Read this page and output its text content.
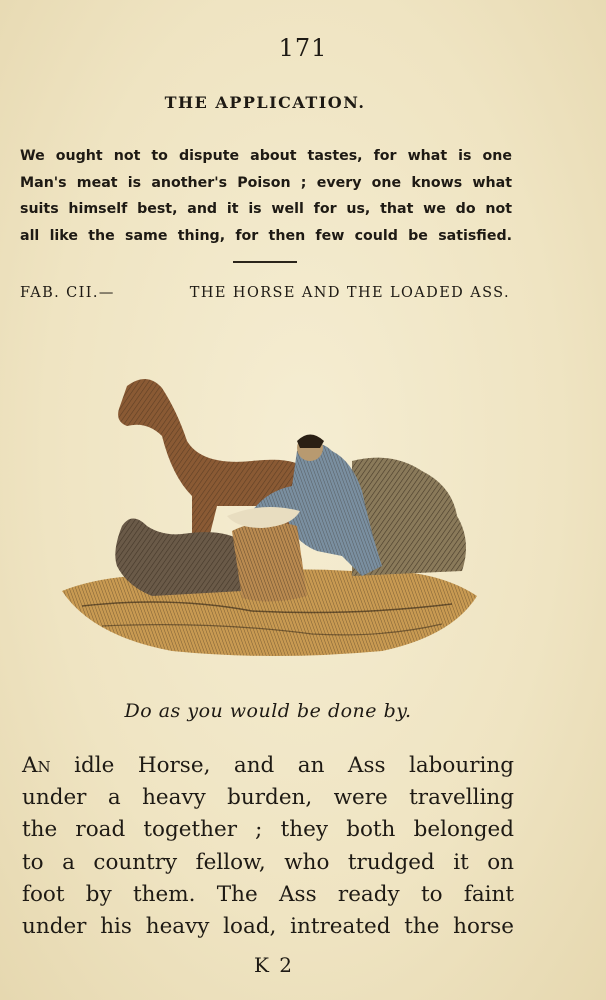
171
THE APPLICATION.
We ought not to dispute about tastes, for what is one
Man's meat is another's Poison ; every one knows what
suits himself best, and it is well for us, that we do not
all like the same thing, for then few could be satisfied.
FAB. CII.—	THE HORSE AND THE LOADED ASS.
Do as you would be done by.
An idle Horse, and an Ass labouring
under a heavy burden, were travelling
the road together ; they both belonged
to a country fellow, who trudged it on
foot by them. The Ass ready to faint
under his heavy load, intreated the horse
K 2
